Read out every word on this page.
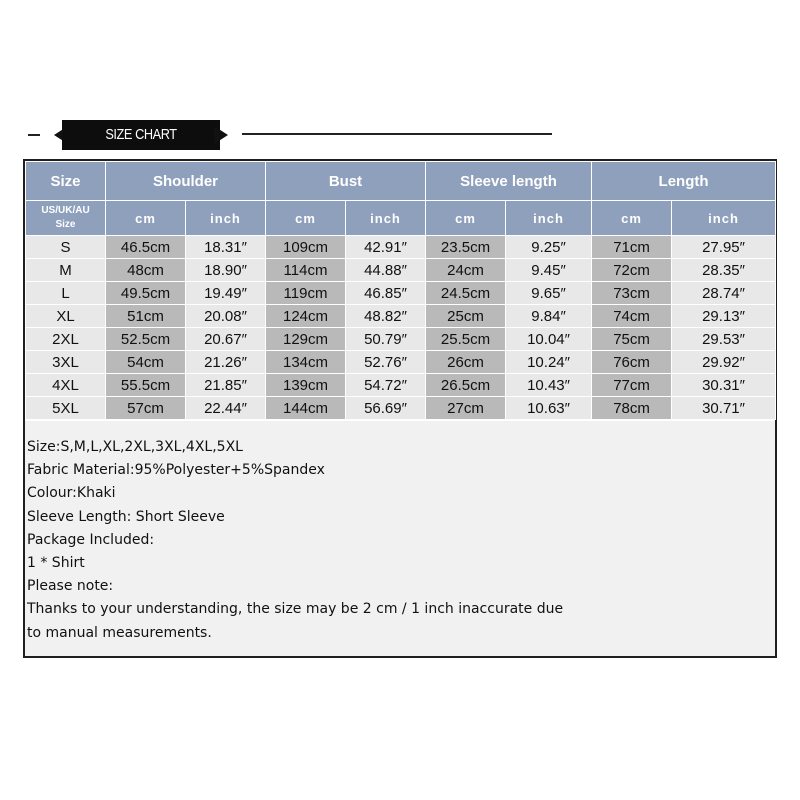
SIZE CHART
Size	Shoulder		Bust		Sleeve length		Length	
US/UK/AU
Size	cm	inch	cm	inch	cm	inch	cm	inch
S	46.5cm	18.31″	109cm	42.91″	23.5cm	9.25″	71cm	27.95″
M	48cm	18.90″	114cm	44.88″	24cm	9.45″	72cm	28.35″
L	49.5cm	19.49″	119cm	46.85″	24.5cm	9.65″	73cm	28.74″
XL	51cm	20.08″	124cm	48.82″	25cm	9.84″	74cm	29.13″
2XL	52.5cm	20.67″	129cm	50.79″	25.5cm	10.04″	75cm	29.53″
3XL	54cm	21.26″	134cm	52.76″	26cm	10.24″	76cm	29.92″
4XL	55.5cm	21.85″	139cm	54.72″	26.5cm	10.43″	77cm	30.31″
5XL	57cm	22.44″	144cm	56.69″	27cm	10.63″	78cm	30.71″
Size:S,M,L,XL,2XL,3XL,4XL,5XL
Fabric Material:95%Polyester+5%Spandex
Colour:Khaki
Sleeve Length: Short Sleeve
Package Included:
1 * Shirt
Please note:
Thanks to your understanding, the size may be 2 cm / 1 inch inaccurate due
to manual measurements.
